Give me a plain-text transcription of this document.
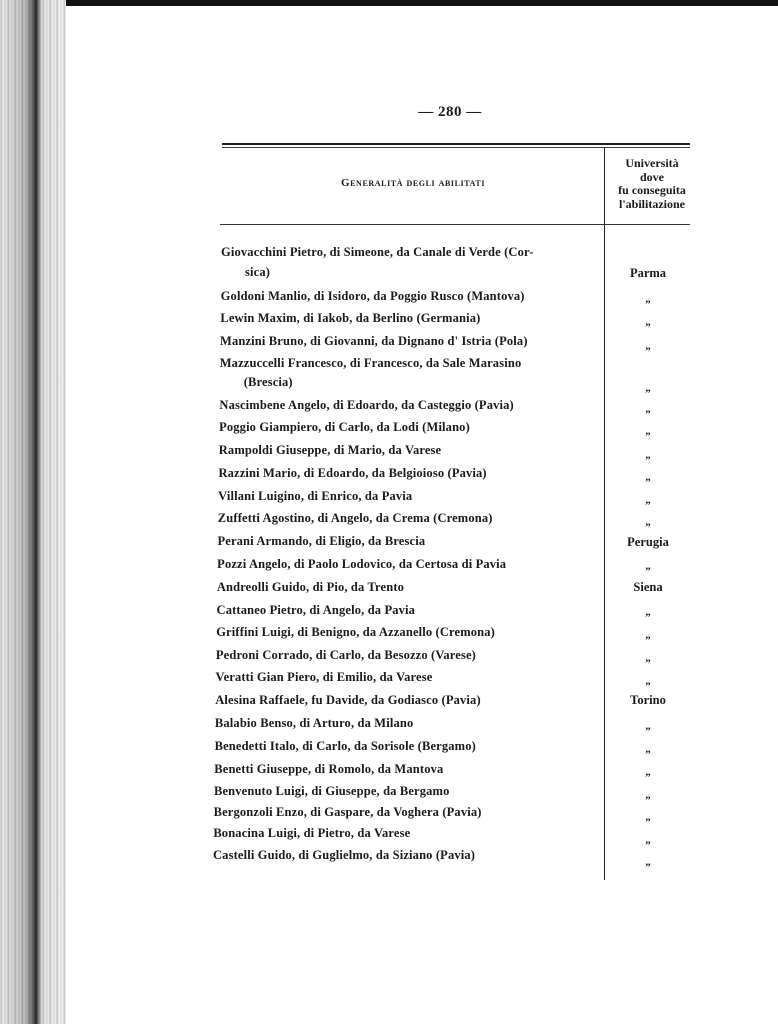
— 280 —
Generalità degli abilitati
Università
dove
fu conseguita
l'abilitazione
Giovacchini Pietro, di Simeone, da Canale di Verde (Cor-
sica)	Parma
Goldoni Manlio, di Isidoro, da Poggio Rusco (Mantova)	„
Lewin Maxim, di Iakob, da Berlino (Germania)	„
Manzini Bruno, di Giovanni, da Dignano d' Istria (Pola)	„
Mazzuccelli Francesco, di Francesco, da Sale Marasino
(Brescia)	„
Nascimbene Angelo, di Edoardo, da Casteggio (Pavia)	„
Poggio Giampiero, di Carlo, da Lodi (Milano)	„
Rampoldi Giuseppe, di Mario, da Varese	„
Razzini Mario, di Edoardo, da Belgioioso (Pavia)	„
Villani Luigino, di Enrico, da Pavia	„
Zuffetti Agostino, di Angelo, da Crema (Cremona)	„
Perani Armando, di Eligio, da Brescia	Perugia
Pozzi Angelo, di Paolo Lodovico, da Certosa di Pavia	„
Andreolli Guido, di Pio, da Trento	Siena
Cattaneo Pietro, di Angelo, da Pavia	„
Griffini Luigi, di Benigno, da Azzanello (Cremona)	„
Pedroni Corrado, di Carlo, da Besozzo (Varese)	„
Veratti Gian Piero, di Emilio, da Varese	„
Alesina Raffaele, fu Davide, da Godiasco (Pavia)	Torino
Balabio Benso, di Arturo, da Milano	„
Benedetti Italo, di Carlo, da Sorisole (Bergamo)	„
Benetti Giuseppe, di Romolo, da Mantova	„
Benvenuto Luigi, di Giuseppe, da Bergamo	„
Bergonzoli Enzo, di Gaspare, da Voghera (Pavia)	„
Bonacina Luigi, di Pietro, da Varese	„
Castelli Guido, di Guglielmo, da Siziano (Pavia)	„
